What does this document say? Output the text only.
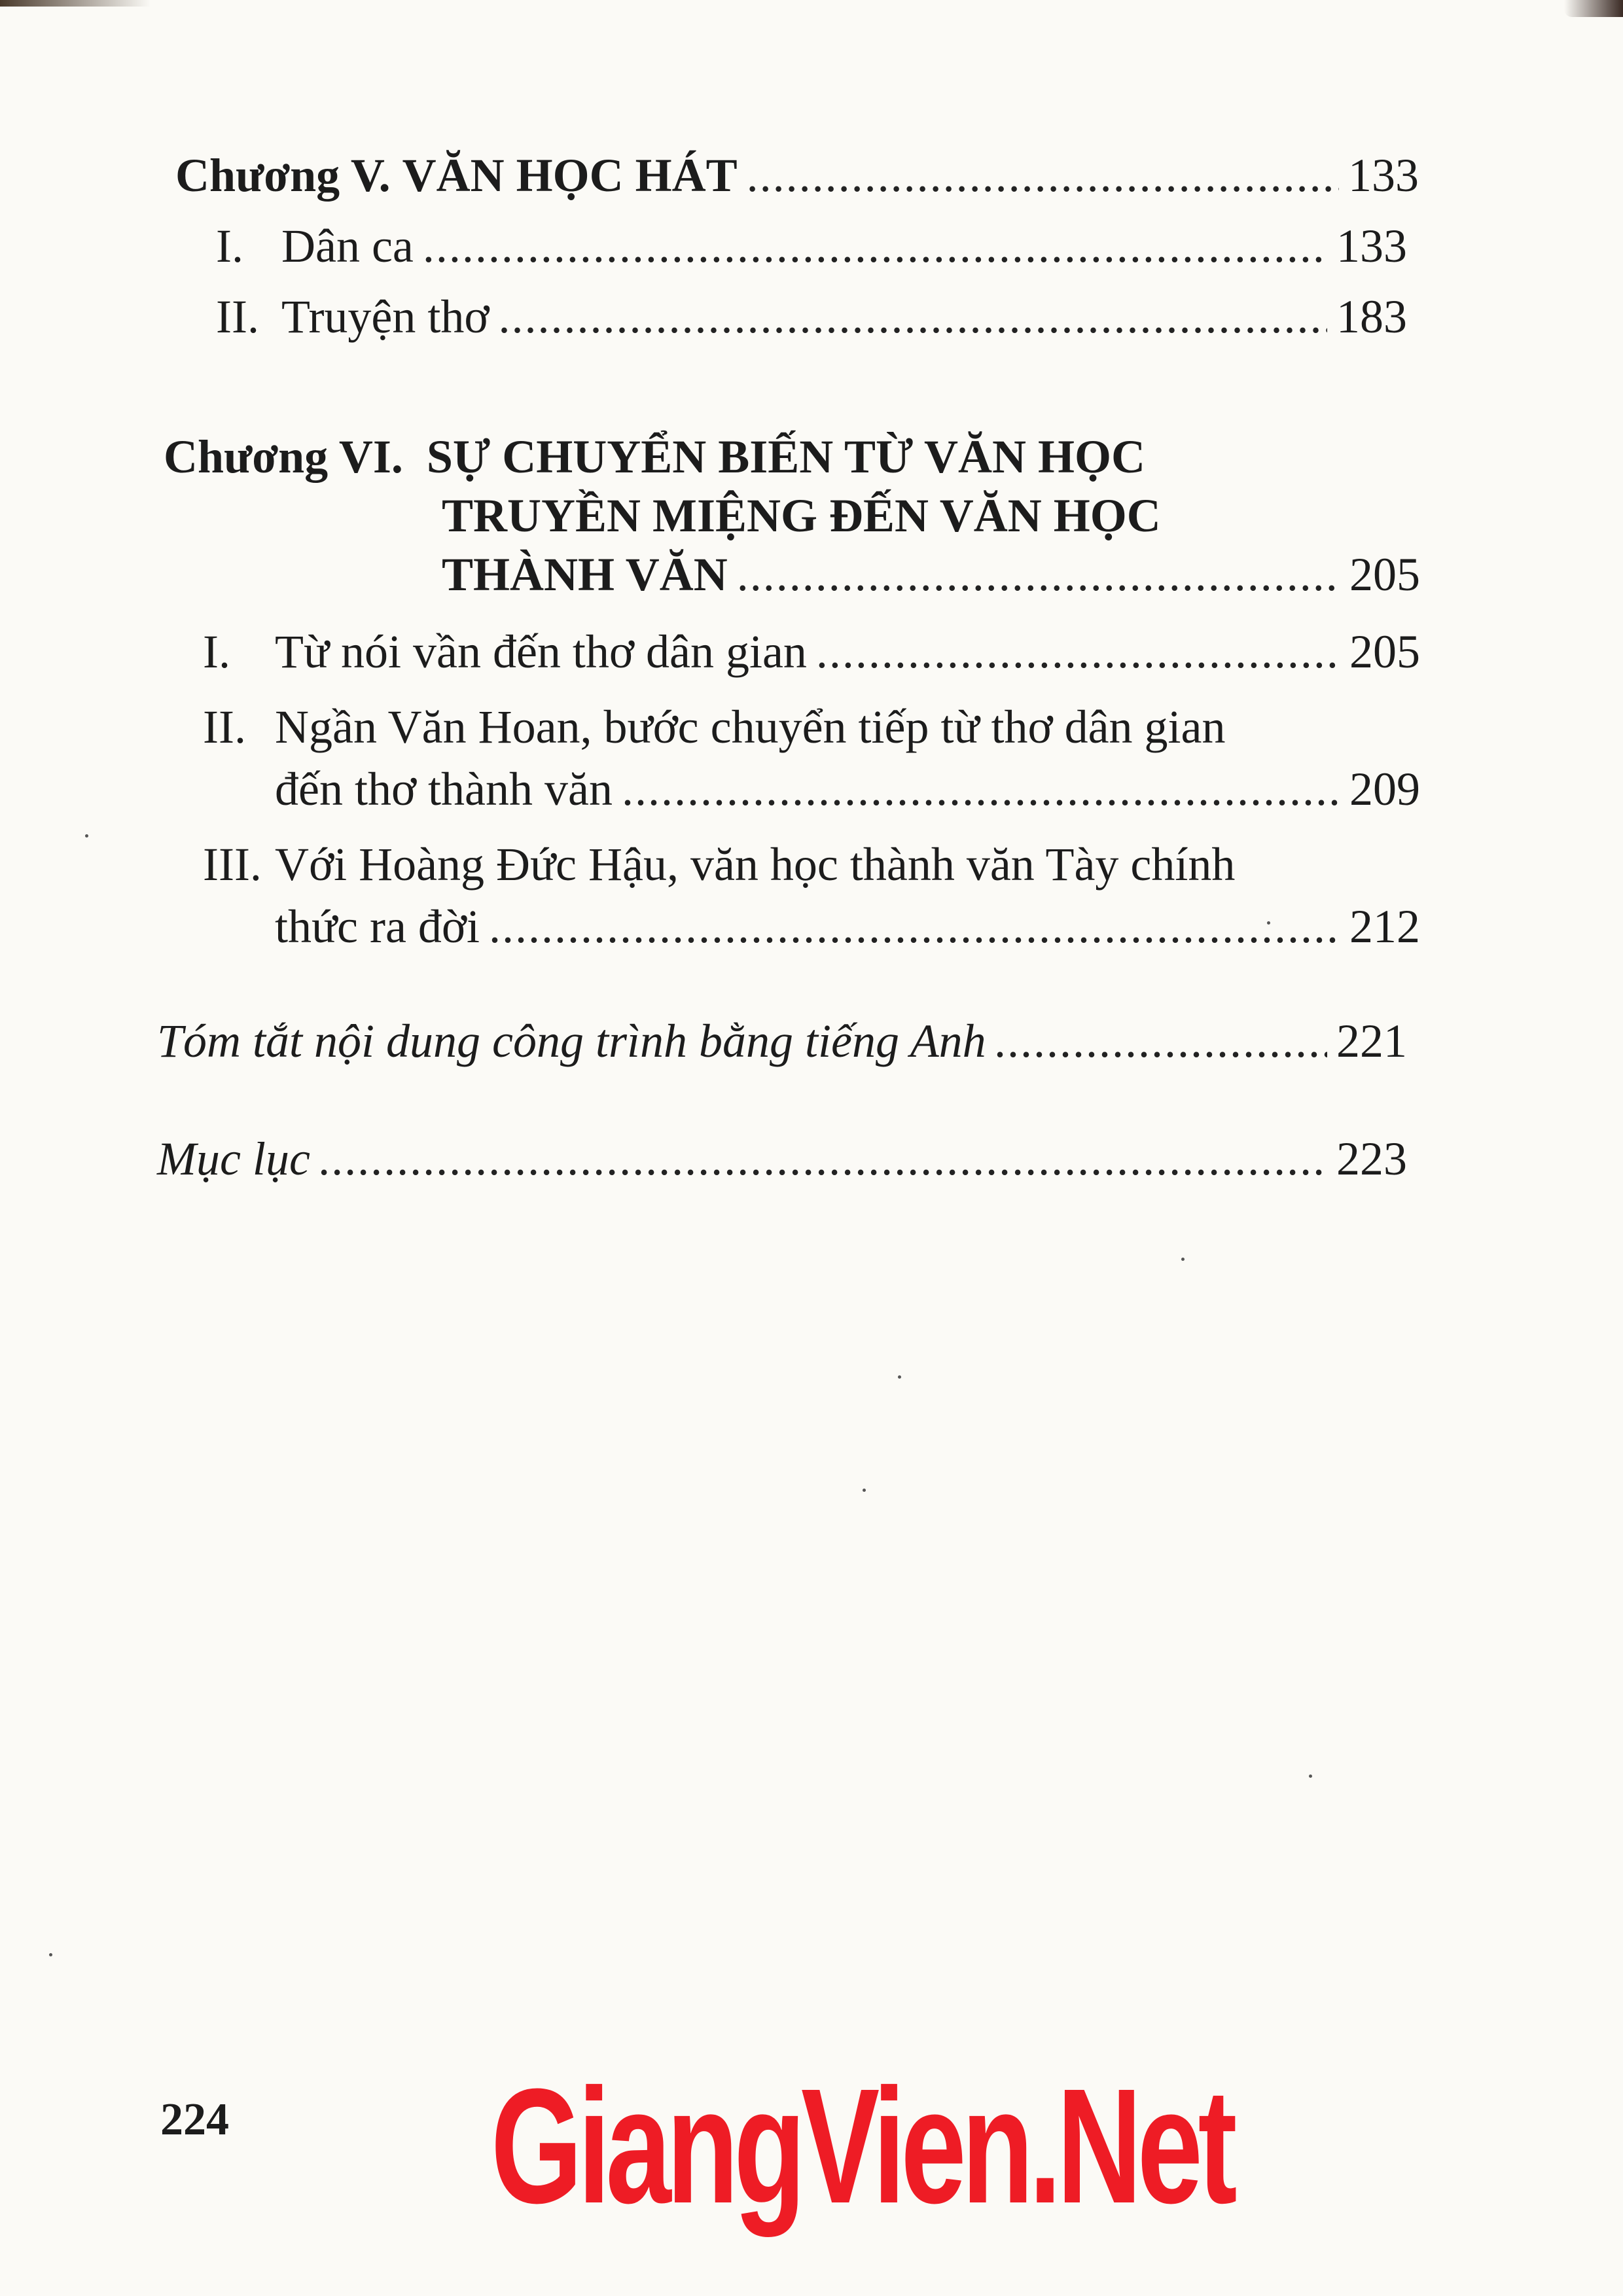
Chương V. VĂN HỌC HÁT .....	133
I. Dân ca .....	133
II. Truyện thơ .....	183
Chương VI. SỰ CHUYỂN BIẾN TỪ VĂN HỌC
TRUYỀN MIỆNG ĐẾN VĂN HỌC
THÀNH VĂN .....	205
I. Từ nói vần đến thơ dân gian .....	205
II. Ngần Văn Hoan, bước chuyển tiếp từ thơ dân gian
đến thơ thành văn .....	209
III. Với Hoàng Đức Hậu, văn học thành văn Tày chính
thức ra đời .....	212
Tóm tắt nội dung công trình bằng tiếng Anh .....	221
Mục lục .....	223
224 GiangVien.Net
